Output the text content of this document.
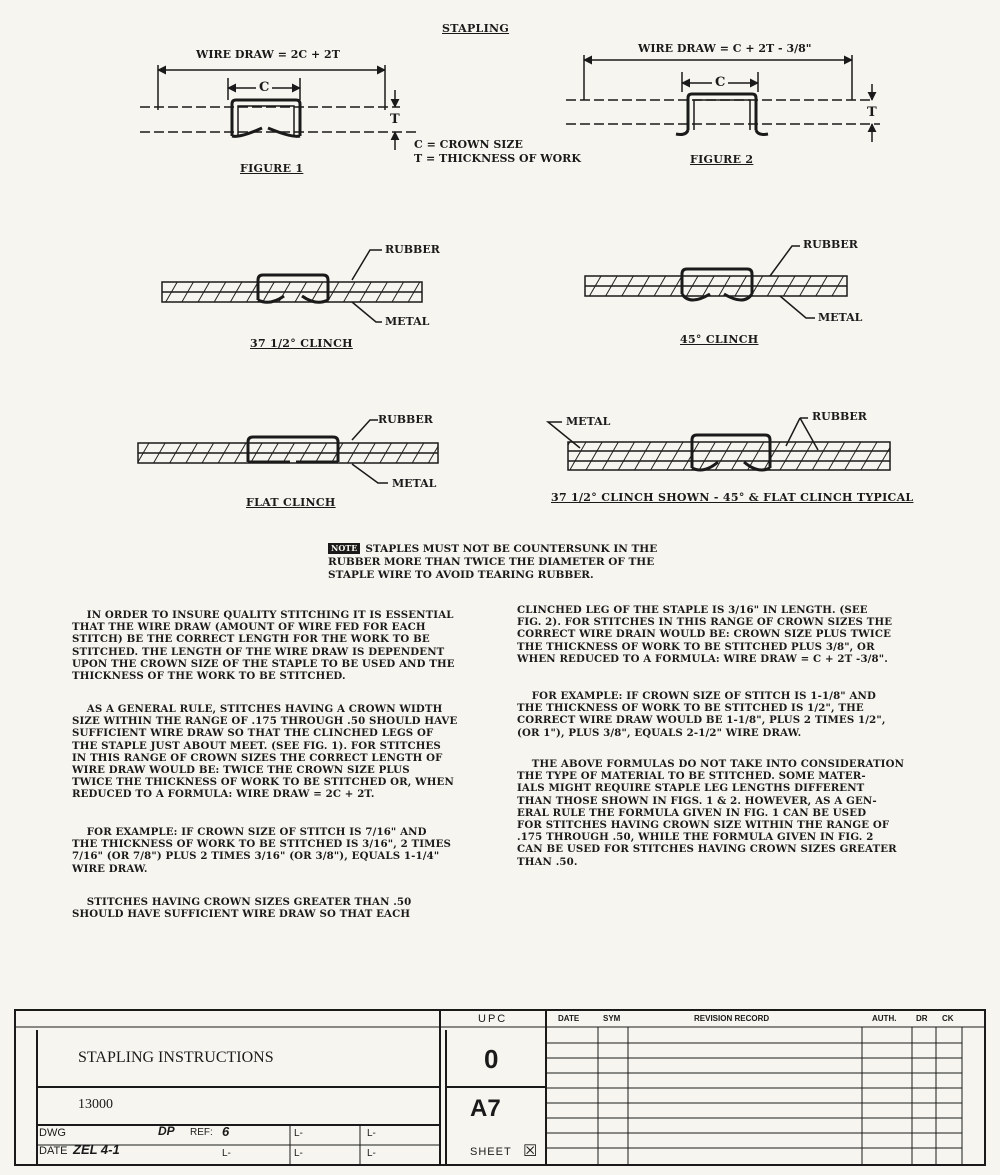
STAPLING
WIRE DRAW = 2C + 2T
C
T
FIGURE 1
C = CROWN SIZE
T = THICKNESS OF WORK
WIRE DRAW = C + 2T - 3/8"
C
T
FIGURE 2
RUBBER
METAL
37 1/2° CLINCH
RUBBER
METAL
45° CLINCH
RUBBER
METAL
FLAT CLINCH
RUBBER
METAL
37 1/2° CLINCH SHOWN - 45° & FLAT CLINCH TYPICAL
NOTE STAPLES MUST NOT BE COUNTERSUNK IN THE
RUBBER MORE THAN TWICE THE DIAMETER OF THE
STAPLE WIRE TO AVOID TEARING RUBBER.
IN ORDER TO INSURE QUALITY STITCHING IT IS ESSENTIAL
THAT THE WIRE DRAW (AMOUNT OF WIRE FED FOR EACH
STITCH) BE THE CORRECT LENGTH FOR THE WORK TO BE
STITCHED. THE LENGTH OF THE WIRE DRAW IS DEPENDENT
UPON THE CROWN SIZE OF THE STAPLE TO BE USED AND THE
THICKNESS OF THE WORK TO BE STITCHED.
AS A GENERAL RULE, STITCHES HAVING A CROWN WIDTH
SIZE WITHIN THE RANGE OF .175 THROUGH .50 SHOULD HAVE
SUFFICIENT WIRE DRAW SO THAT THE CLINCHED LEGS OF
THE STAPLE JUST ABOUT MEET. (SEE FIG. 1). FOR STITCHES
IN THIS RANGE OF CROWN SIZES THE CORRECT LENGTH OF
WIRE DRAW WOULD BE: TWICE THE CROWN SIZE PLUS
TWICE THE THICKNESS OF WORK TO BE STITCHED OR, WHEN
REDUCED TO A FORMULA: WIRE DRAW = 2C + 2T.
FOR EXAMPLE: IF CROWN SIZE OF STITCH IS 7/16" AND
THE THICKNESS OF WORK TO BE STITCHED IS 3/16", 2 TIMES
7/16" (OR 7/8") PLUS 2 TIMES 3/16" (OR 3/8"), EQUALS 1-1/4"
WIRE DRAW.
STITCHES HAVING CROWN SIZES GREATER THAN .50
SHOULD HAVE SUFFICIENT WIRE DRAW SO THAT EACH
CLINCHED LEG OF THE STAPLE IS 3/16" IN LENGTH. (SEE
FIG. 2). FOR STITCHES IN THIS RANGE OF CROWN SIZES THE
CORRECT WIRE DRAIN WOULD BE: CROWN SIZE PLUS TWICE
THE THICKNESS OF WORK TO BE STITCHED PLUS 3/8", OR
WHEN REDUCED TO A FORMULA: WIRE DRAW = C + 2T -3/8".
FOR EXAMPLE: IF CROWN SIZE OF STITCH IS 1-1/8" AND
THE THICKNESS OF WORK TO BE STITCHED IS 1/2", THE
CORRECT WIRE DRAW WOULD BE 1-1/8", PLUS 2 TIMES 1/2",
(OR 1"), PLUS 3/8", EQUALS 2-1/2" WIRE DRAW.
THE ABOVE FORMULAS DO NOT TAKE INTO CONSIDERATION
THE TYPE OF MATERIAL TO BE STITCHED. SOME MATER-
IALS MIGHT REQUIRE STAPLE LEG LENGTHS DIFFERENT
THAN THOSE SHOWN IN FIGS. 1 & 2. HOWEVER, AS A GEN-
ERAL RULE THE FORMULA GIVEN IN FIG. 1 CAN BE USED
FOR STITCHES HAVING CROWN SIZE WITHIN THE RANGE OF
.175 THROUGH .50, WHILE THE FORMULA GIVEN IN FIG. 2
CAN BE USED FOR STITCHES HAVING CROWN SIZES GREATER
THAN .50.
STAPLING INSTRUCTIONS
13000
DWG
DATE ZEL 4-1
DP REF: 6	L-	L-
L-	L-	L-
UPC
0
A7
SHEET ☒
DATE	SYM	REVISION RECORD	AUTH. DR CK
